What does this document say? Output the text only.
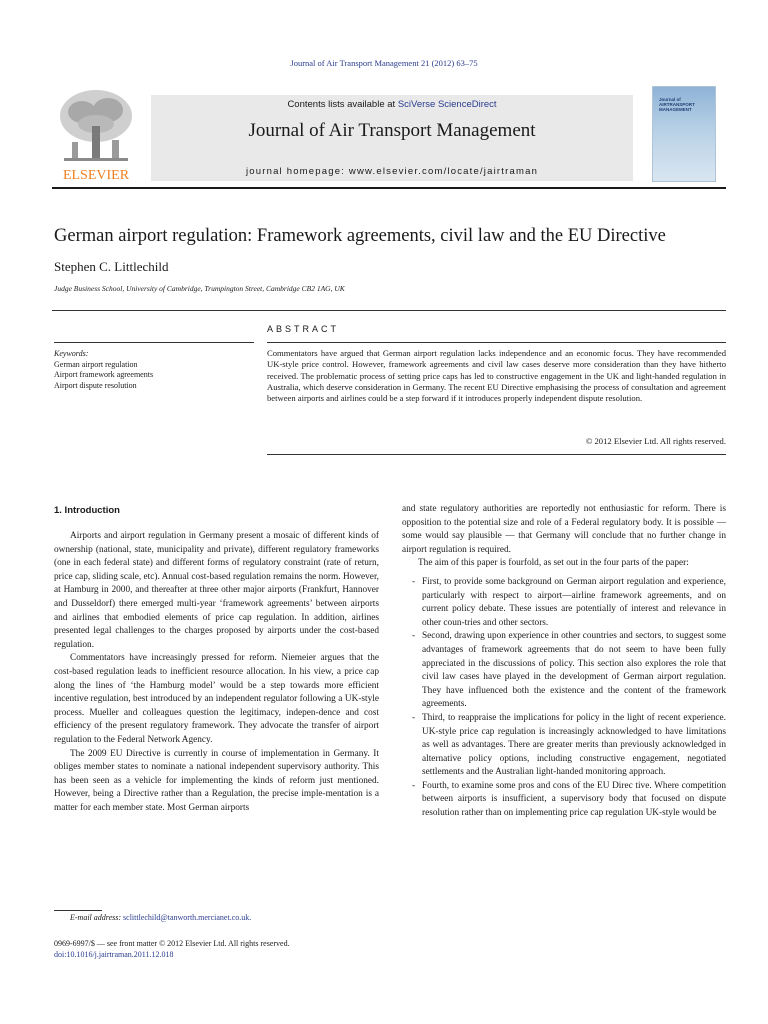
Journal of Air Transport Management 21 (2012) 63–75
ELSEVIER
Contents lists available at SciVerse ScienceDirect
Journal of Air Transport Management
journal homepage: www.elsevier.com/locate/jairtraman
Journal of AIRTRANSPORT MANAGEMENT
German airport regulation: Framework agreements, civil law and the EU Directive
Stephen C. Littlechild
Judge Business School, University of Cambridge, Trumpington Street, Cambridge CB2 1AG, UK
ABSTRACT
Keywords:
German airport regulation
Airport framework agreements
Airport dispute resolution
Commentators have argued that German airport regulation lacks independence and an economic focus. They have recommended UK-style price control. However, framework agreements and civil law cases deserve more consideration than they have hitherto received. The problematic process of setting price caps has led to constructive engagement in the UK and light-handed regulation in Australia, which deserve consideration in Germany. The recent EU Directive emphasising the process of consultation and agreement between airports and airlines could be a step forward if it introduces properly independent dispute resolution.
© 2012 Elsevier Ltd. All rights reserved.
1. Introduction

Airports and airport regulation in Germany present a mosaic of different kinds of ownership (national, state, municipality and private), different regulatory frameworks (one in each federal state) and different forms of regulatory constraint (rate of return, price cap, sliding scale, etc). Annual cost-based regulation remains the norm. However, at Hamburg in 2000, and thereafter at three other major airports (Frankfurt, Hannover and Dusseldorf) there emerged multi-year ‘framework agreements’ between airports and airlines that embodied elements of price cap regulation. In addition, airlines presented legal challenges to the charges proposed by airports under the cost-based regulation.

Commentators have increasingly pressed for reform. Niemeier argues that the cost-based regulation leads to inefficient resource allocation. In his view, a price cap along the lines of ‘the Hamburg model’ would be a step towards more efficient incentive regulation, best introduced by an independent regulator following a UK-style process. Mueller and colleagues question the legitimacy, indepen-dence and cost efficiency of the present regulatory framework. They advocate the transfer of airport regulation to the Federal Network Agency.

The 2009 EU Directive is currently in course of implementation in Germany. It obliges member states to nominate a national independent supervisory authority. This has been seen as a vehicle for implementing the kinds of reform just mentioned. However, being a Directive rather than a Regulation, the precise imple-mentation is a matter for each member state. Most German airports

and state regulatory authorities are reportedly not enthusiastic for reform. There is opposition to the potential size and role of a Federal regulatory body. It is possible — some would say plausible — that Germany will conclude that no further change in airport regulation is required.

The aim of this paper is fourfold, as set out in the four parts of the paper:

- First, to provide some background on German airport regulation and experience, particularly with respect to airport—airline framework agreements, and on current policy debate. These issues are potentially of interest and relevance in other coun-tries and other sectors.
- Second, drawing upon experience in other countries and sectors, to suggest some advantages of framework agreements that do not seem to have been fully appreciated in the discussions of policy. This section also explores the role that civil law cases have played in the development of German airport regulation. They have influenced both the existence and the content of the framework agreements.
- Third, to reappraise the implications for policy in the light of recent experience. UK-style price cap regulation is increasingly acknowledged to have limitations as well as advantages. There are greater merits than previously acknowledged in alternative policy options, including constructive engagement, negotiated settlements and the Australian light-handed monitoring approach.
- Fourth, to examine some pros and cons of the EU Direc tive. Where competition between airports is insufficient, a supervisory body that focused on dispute resolution rather than on implementing price cap regulation UK-style would be
E-mail address: sclittlechild@tanworth.mercianet.co.uk.
0969-6997/$ — see front matter © 2012 Elsevier Ltd. All rights reserved.
doi:10.1016/j.jairtraman.2011.12.018
